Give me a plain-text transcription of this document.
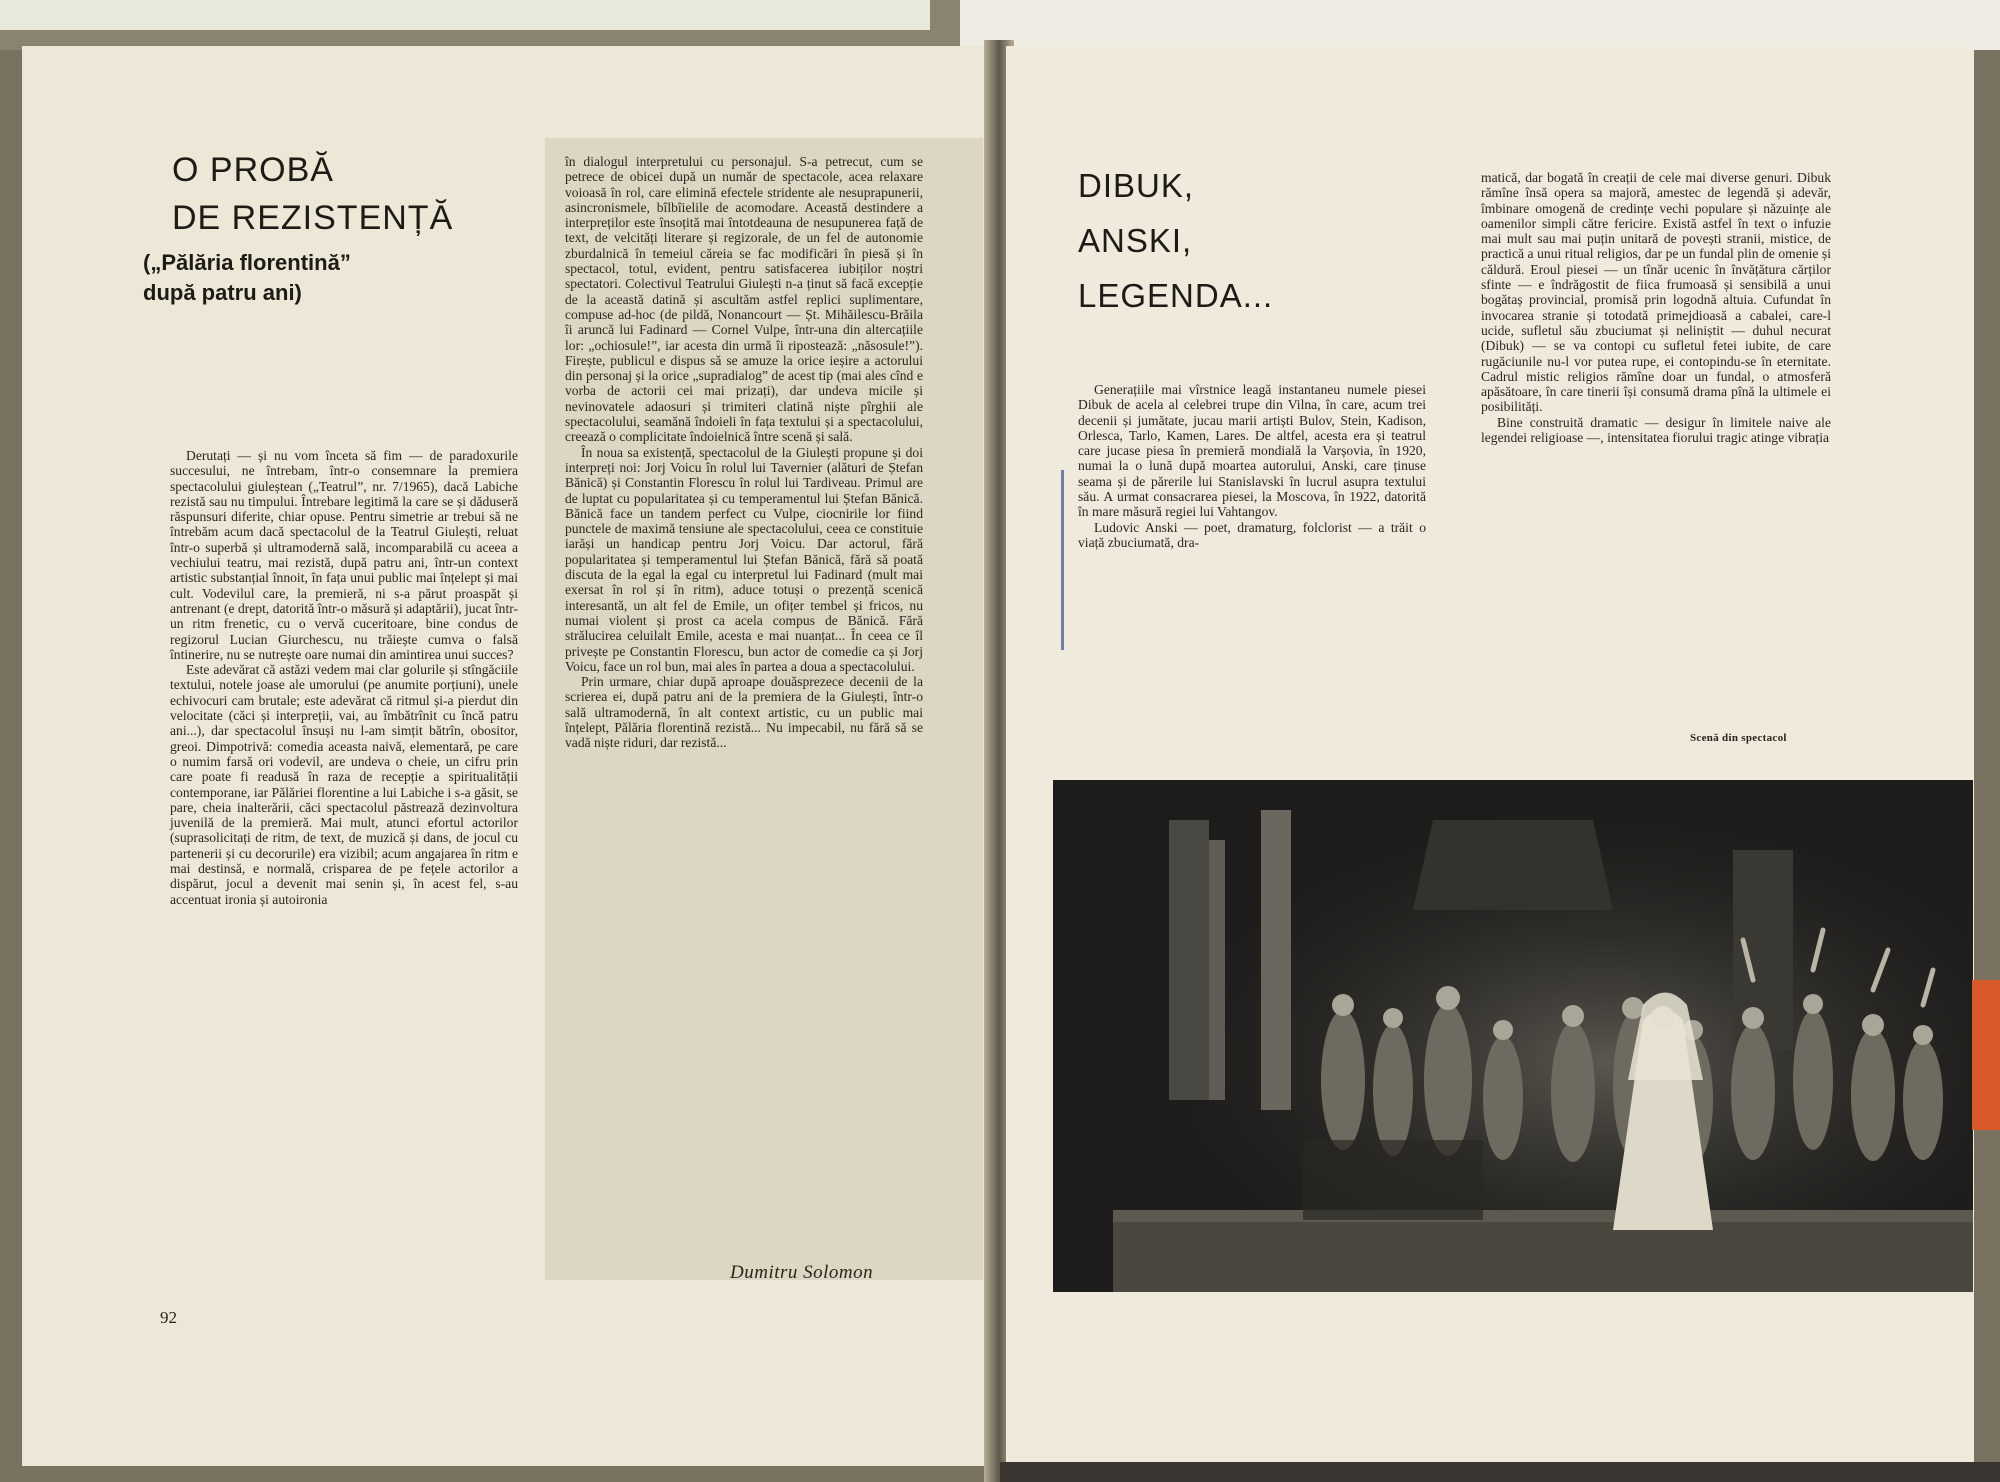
O PROBĂ
DE REZISTENȚĂ
(„Pălăria florentină”
după patru ani)

Derutați — și nu vom înceta să fim — de paradoxurile succesului, ne întrebam, într-o consemnare la premiera spectacolului giuleștean („Teatrul”, nr. 7/1965), dacă Labiche rezistă sau nu timpului. Întrebare legitimă la care se și dăduseră răspunsuri diferite, chiar opuse. Pentru simetrie ar trebui să ne întrebăm acum dacă spectacolul de la Teatrul Giulești, reluat într-o superbă și ultramodernă sală, incomparabilă cu aceea a vechiului teatru, mai rezistă, după patru ani, într-un context artistic substanțial înnoit, în fața unui public mai înțelept și mai cult. Vodevilul care, la premieră, ni s-a părut proaspăt și antrenant (e drept, datorită într-o măsură și adaptării), jucat într-un ritm frenetic, cu o vervă cuceritoare, bine condus de regizorul Lucian Giurchescu, nu trăiește cumva o falsă întinerire, nu se nutrește oare numai din amintirea unui succes?

Este adevărat că astăzi vedem mai clar golurile și stîngăciile textului, notele joase ale umorului (pe anumite porțiuni), unele echivocuri cam brutale; este adevărat că ritmul și-a pierdut din velocitate (căci și interpreții, vai, au îmbătrînit cu încă patru ani...), dar spectacolul însuși nu l-am simțit bătrîn, obositor, greoi. Dimpotrivă: comedia aceasta naivă, elementară, pe care o numim farsă ori vodevil, are undeva o cheie, un cifru prin care poate fi readusă în raza de recepție a spiritualității contemporane, iar Pălăriei florentine a lui Labiche i s-a găsit, se pare, cheia inalterării, căci spectacolul păstrează dezinvoltura juvenilă de la premieră. Mai mult, atunci efortul actorilor (suprasolicitați de ritm, de text, de muzică și dans, de jocul cu partenerii și cu decorurile) era vizibil; acum angajarea în ritm e mai destinsă, e normală, crisparea de pe fețele actorilor a dispărut, jocul a devenit mai senin și, în acest fel, s-au accentuat ironia și autoironia

în dialogul interpretului cu personajul. S-a petrecut, cum se petrece de obicei după un număr de spectacole, acea relaxare voioasă în rol, care elimină efectele stridente ale nesuprapunerii, asincronismele, bîlbîielile de acomodare. Această destindere a interpreților este însoțită mai întotdeauna de nesupunerea față de text, de velcități literare și regizorale, de un fel de autonomie zburdalnică în temeiul căreia se fac modificări în piesă și în spectacol, totul, evident, pentru satisfacerea iubiților noștri spectatori. Colectivul Teatrului Giulești n-a ținut să facă excepție de la această datină și ascultăm astfel replici suplimentare, compuse ad-hoc (de pildă, Nonancourt — Șt. Mihăilescu-Brăila îi aruncă lui Fadinard — Cornel Vulpe, într-una din altercațiile lor: „ochiosule!”, iar acesta din urmă îi ripostează: „năsosule!”). Firește, publicul e dispus să se amuze la orice ieșire a actorului din personaj și la orice „supradialog” de acest tip (mai ales cînd e vorba de actorii cei mai prizați), dar undeva micile și nevinovatele adaosuri și trimiteri clatină niște pîrghii ale spectacolului, seamănă îndoieli în fața textului și a spectacolului, creează o complicitate îndoielnică între scenă și sală.

În noua sa existență, spectacolul de la Giulești propune și doi interpreți noi: Jorj Voicu în rolul lui Tavernier (alături de Ștefan Bănică) și Constantin Florescu în rolul lui Tardiveau. Primul are de luptat cu popularitatea și cu temperamentul lui Ștefan Bănică. Bănică face un tandem perfect cu Vulpe, ciocnirile lor fiind punctele de maximă tensiune ale spectacolului, ceea ce constituie iarăși un handicap pentru Jorj Voicu. Dar actorul, fără popularitatea și temperamentul lui Ștefan Bănică, fără să poată discuta de la egal la egal cu interpretul lui Fadinard (mult mai exersat în rol și în ritm), aduce totuși o prezență scenică interesantă, un alt fel de Emile, un ofițer tembel și fricos, nu numai violent și prost ca acela compus de Bănică. Fără strălucirea celuilalt Emile, acesta e mai nuanțat... În ceea ce îl privește pe Constantin Florescu, bun actor de comedie ca și Jorj Voicu, face un rol bun, mai ales în partea a doua a spectacolului.

Prin urmare, chiar după aproape douăsprezece decenii de la scrierea ei, după patru ani de la premiera de la Giulești, într-o sală ultramodernă, în alt context artistic, cu un public mai înțelept, Pălăria florentină rezistă... Nu impecabil, nu fără să se vadă niște riduri, dar rezistă...

Dumitru Solomon
92
DIBUK,
ANSKI,
LEGENDA...

Generațiile mai vîrstnice leagă instantaneu numele piesei Dibuk de acela al celebrei trupe din Vilna, în care, acum trei decenii și jumătate, jucau marii artiști Bulov, Stein, Kadison, Orlesca, Tarlo, Kamen, Lares. De altfel, acesta era și teatrul care jucase piesa în premieră mondială la Varșovia, în 1920, numai la o lună după moartea autorului, Anski, care ținuse seama și de părerile lui Stanislavski în lucrul asupra textului său. A urmat consacrarea piesei, la Moscova, în 1922, datorită în mare măsură regiei lui Vahtangov.

Ludovic Anski — poet, dramaturg, folclorist — a trăit o viață zbuciumată, dra-

matică, dar bogată în creații de cele mai diverse genuri. Dibuk rămîne însă opera sa majoră, amestec de legendă și adevăr, îmbinare omogenă de credințe vechi populare și năzuințe ale oamenilor simpli către fericire. Există astfel în text o infuzie mai mult sau mai puțin unitară de povești stranii, mistice, de practică a unui ritual religios, dar pe un fundal plin de omenie și căldură. Eroul piesei — un tînăr ucenic în învățătura cărților sfinte — e îndrăgostit de fiica frumoasă și sensibilă a unui bogătaș provincial, promisă prin logodnă altuia. Cufundat în invocarea stranie și totodată primejdioasă a cabalei, care-l ucide, sufletul său zbuciumat și neliniștit — duhul necurat (Dibuk) — se va contopi cu sufletul fetei iubite, de care rugăciunile nu-l vor putea rupe, ei contopindu-se în eternitate. Cadrul mistic religios rămîne doar un fundal, o atmosferă apăsătoare, în care tinerii își consumă drama pînă la ultimele ei posibilități.

Bine construită dramatic — desigur în limitele naive ale legendei religioase —, intensitatea fiorului tragic atinge vibrația

Scenă din spectacol
